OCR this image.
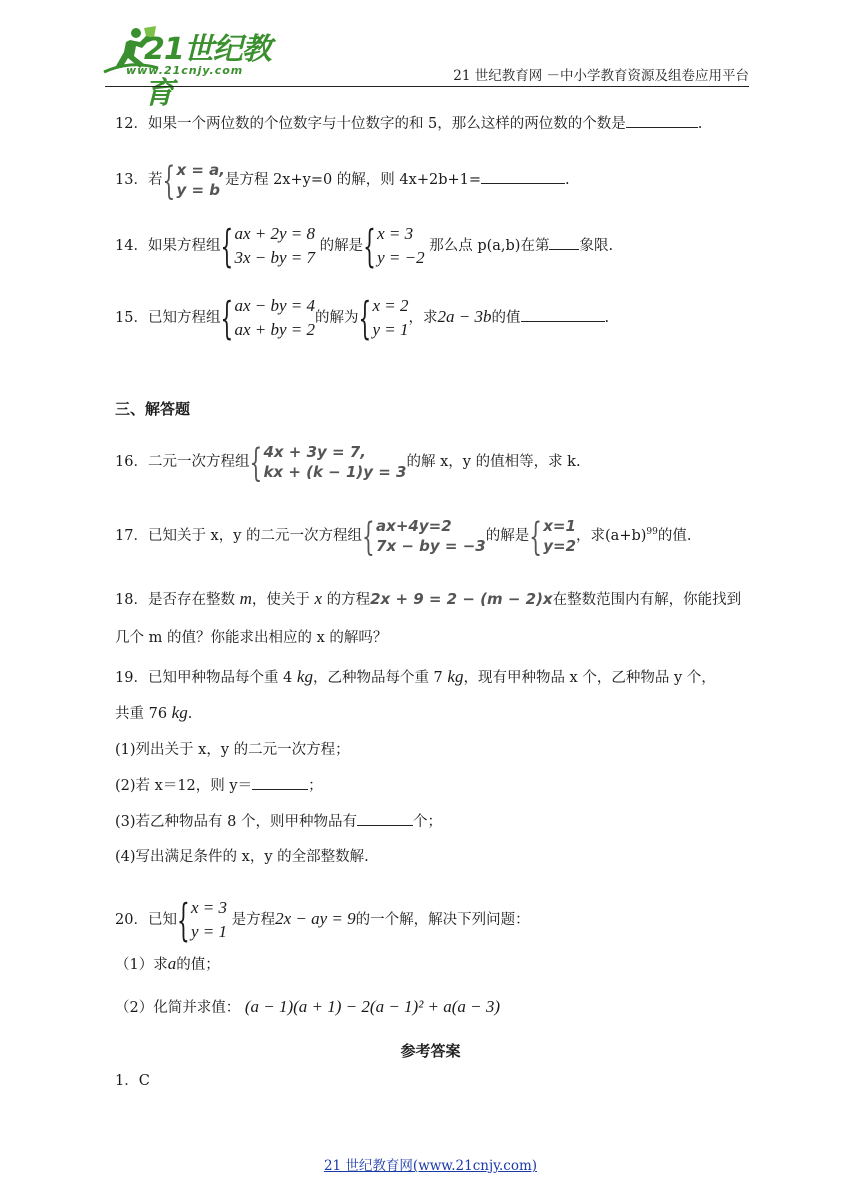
21世纪教育
www.21cnjy.com	21 世纪教育网 －中小学教育资源及组卷应用平台
12．如果一个两位数的个位数字与十位数字的和 5，那么这样的两位数的个数是	.
13．若 { x = a,
y = b
是方程 2x+y=0 的解，则 4x+2b+1=	.
14．如果方程组 { ax + 2y = 8
3x − by = 7
的解是 { x = 3
y = −2
那么点 p(a,b)在第 象限.
15．已知方程组 { ax − by = 4
ax + by = 2
的解为 { x = 2
y = 1
，求2a − 3b的值	.
三、解答题
16．二元一次方程组 { 4x + 3y = 7,
kx + (k − 1)y = 3
的解 x，y 的值相等，求 k.
17．已知关于 x，y 的二元一次方程组 { ax+4y=2
7x − by = −3
的解是 { x=1
y=2
，求$(a+b)^{99}$的值.
18．是否存在整数 m，使关于 x 的方程2x + 9 = 2 − (m − 2)x在整数范围内有解，你能找到
几个 m 的值？你能求出相应的 x 的解吗？
19．已知甲种物品每个重 4 kg，乙种物品每个重 7 kg，现有甲种物品 x 个，乙种物品 y 个，
共重 76 kg.
(1)列出关于 x，y 的二元一次方程；
(2)若 x＝12，则 y＝	；
(3)若乙种物品有 8 个，则甲种物品有	个；
(4)写出满足条件的 x，y 的全部整数解.
20．已知 { x = 3
y = 1
是方程2x − ay = 9的一个解，解决下列问题：
（1）求a的值；
（2）化简并求值： (a − 1)(a + 1) − 2(a − 1)² + a(a − 3)
参考答案
1．C
21 世纪教育网(www.21cnjy.com)
